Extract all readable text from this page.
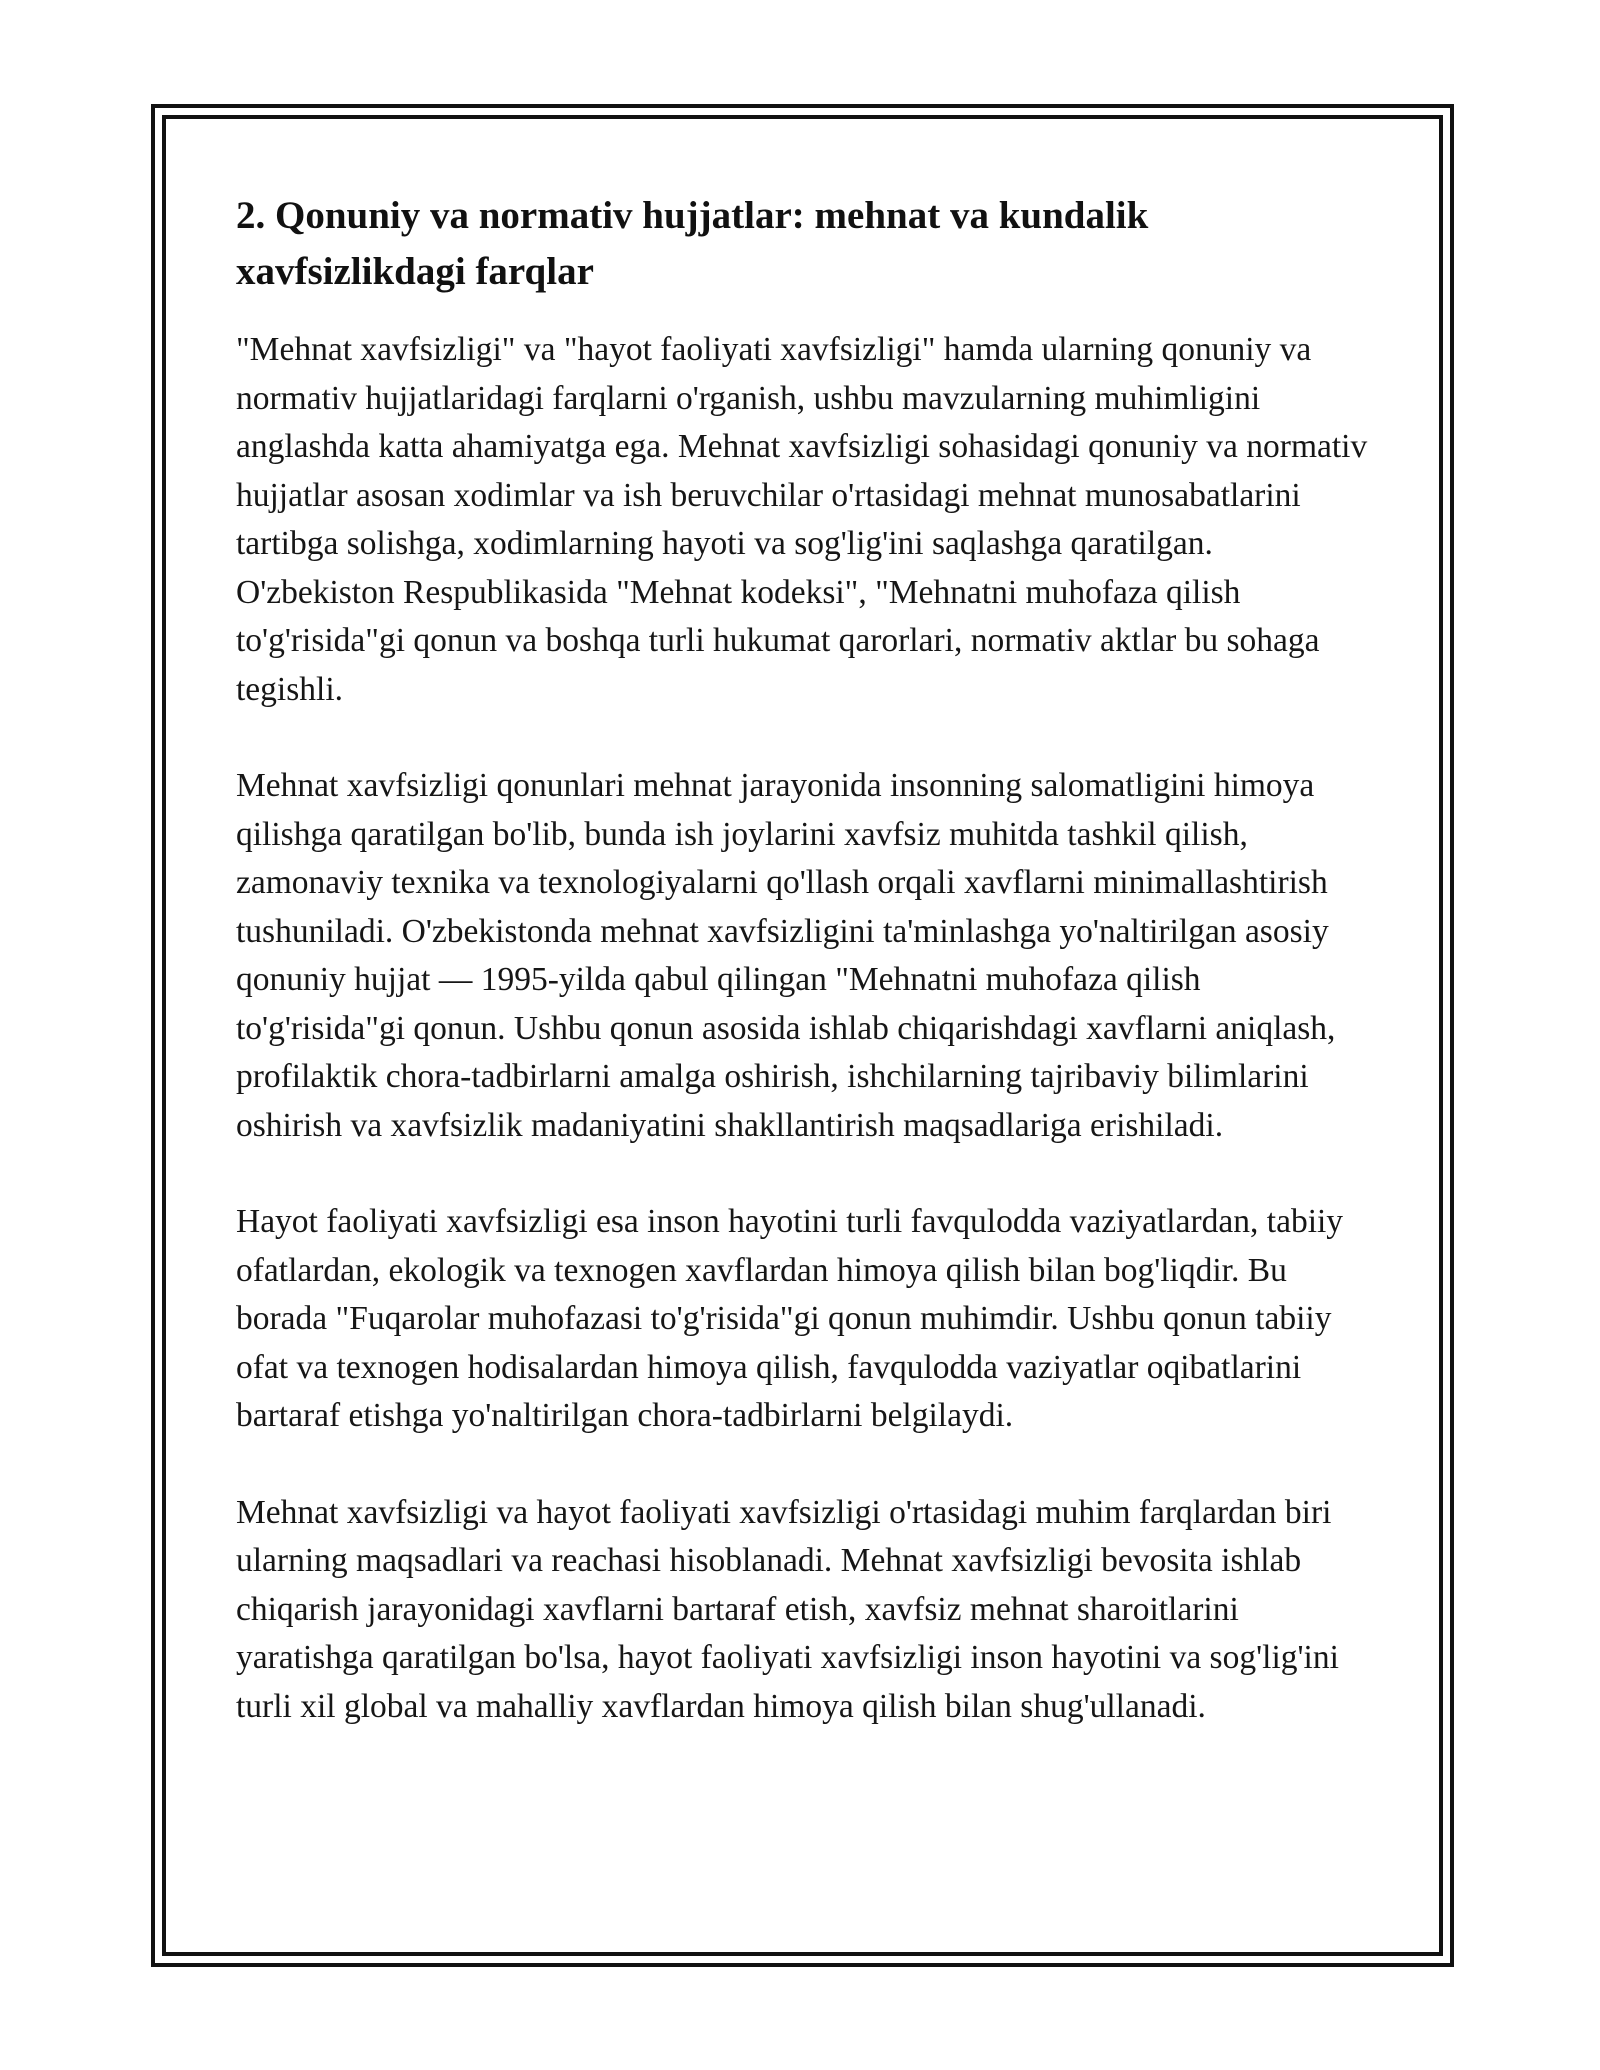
2. Qonuniy va normativ hujjatlar: mehnat va kundalik xavfsizlikdagi farqlar

"Mehnat xavfsizligi" va "hayot faoliyati xavfsizligi" hamda ularning qonuniy va normativ hujjatlaridagi farqlarni o'rganish, ushbu mavzularning muhimligini anglashda katta ahamiyatga ega. Mehnat xavfsizligi sohasidagi qonuniy va normativ hujjatlar asosan xodimlar va ish beruvchilar o'rtasidagi mehnat munosabatlarini tartibga solishga, xodimlarning hayoti va sog'lig'ini saqlashga qaratilgan. O'zbekiston Respublikasida "Mehnat kodeksi", "Mehnatni muhofaza qilish to'g'risida"gi qonun va boshqa turli hukumat qarorlari, normativ aktlar bu sohaga tegishli.

Mehnat xavfsizligi qonunlari mehnat jarayonida insonning salomatligini himoya qilishga qaratilgan bo'lib, bunda ish joylarini xavfsiz muhitda tashkil qilish, zamonaviy texnika va texnologiyalarni qo'llash orqali xavflarni minimallashtirish tushuniladi. O'zbekistonda mehnat xavfsizligini ta'minlashga yo'naltirilgan asosiy qonuniy hujjat — 1995-yilda qabul qilingan "Mehnatni muhofaza qilish to'g'risida"gi qonun. Ushbu qonun asosida ishlab chiqarishdagi xavflarni aniqlash, profilaktik chora-tadbirlarni amalga oshirish, ishchilarning tajribaviy bilimlarini oshirish va xavfsizlik madaniyatini shakllantirish maqsadlariga erishiladi.

Hayot faoliyati xavfsizligi esa inson hayotini turli favqulodda vaziyatlardan, tabiiy ofatlardan, ekologik va texnogen xavflardan himoya qilish bilan bog'liqdir. Bu borada "Fuqarolar muhofazasi to'g'risida"gi qonun muhimdir. Ushbu qonun tabiiy ofat va texnogen hodisalardan himoya qilish, favqulodda vaziyatlar oqibatlarini bartaraf etishga yo'naltirilgan chora-tadbirlarni belgilaydi.

Mehnat xavfsizligi va hayot faoliyati xavfsizligi o'rtasidagi muhim farqlardan biri ularning maqsadlari va reachasi hisoblanadi. Mehnat xavfsizligi bevosita ishlab chiqarish jarayonidagi xavflarni bartaraf etish, xavfsiz mehnat sharoitlarini yaratishga qaratilgan bo'lsa, hayot faoliyati xavfsizligi inson hayotini va sog'lig'ini turli xil global va mahalliy xavflardan himoya qilish bilan shug'ullanadi.
